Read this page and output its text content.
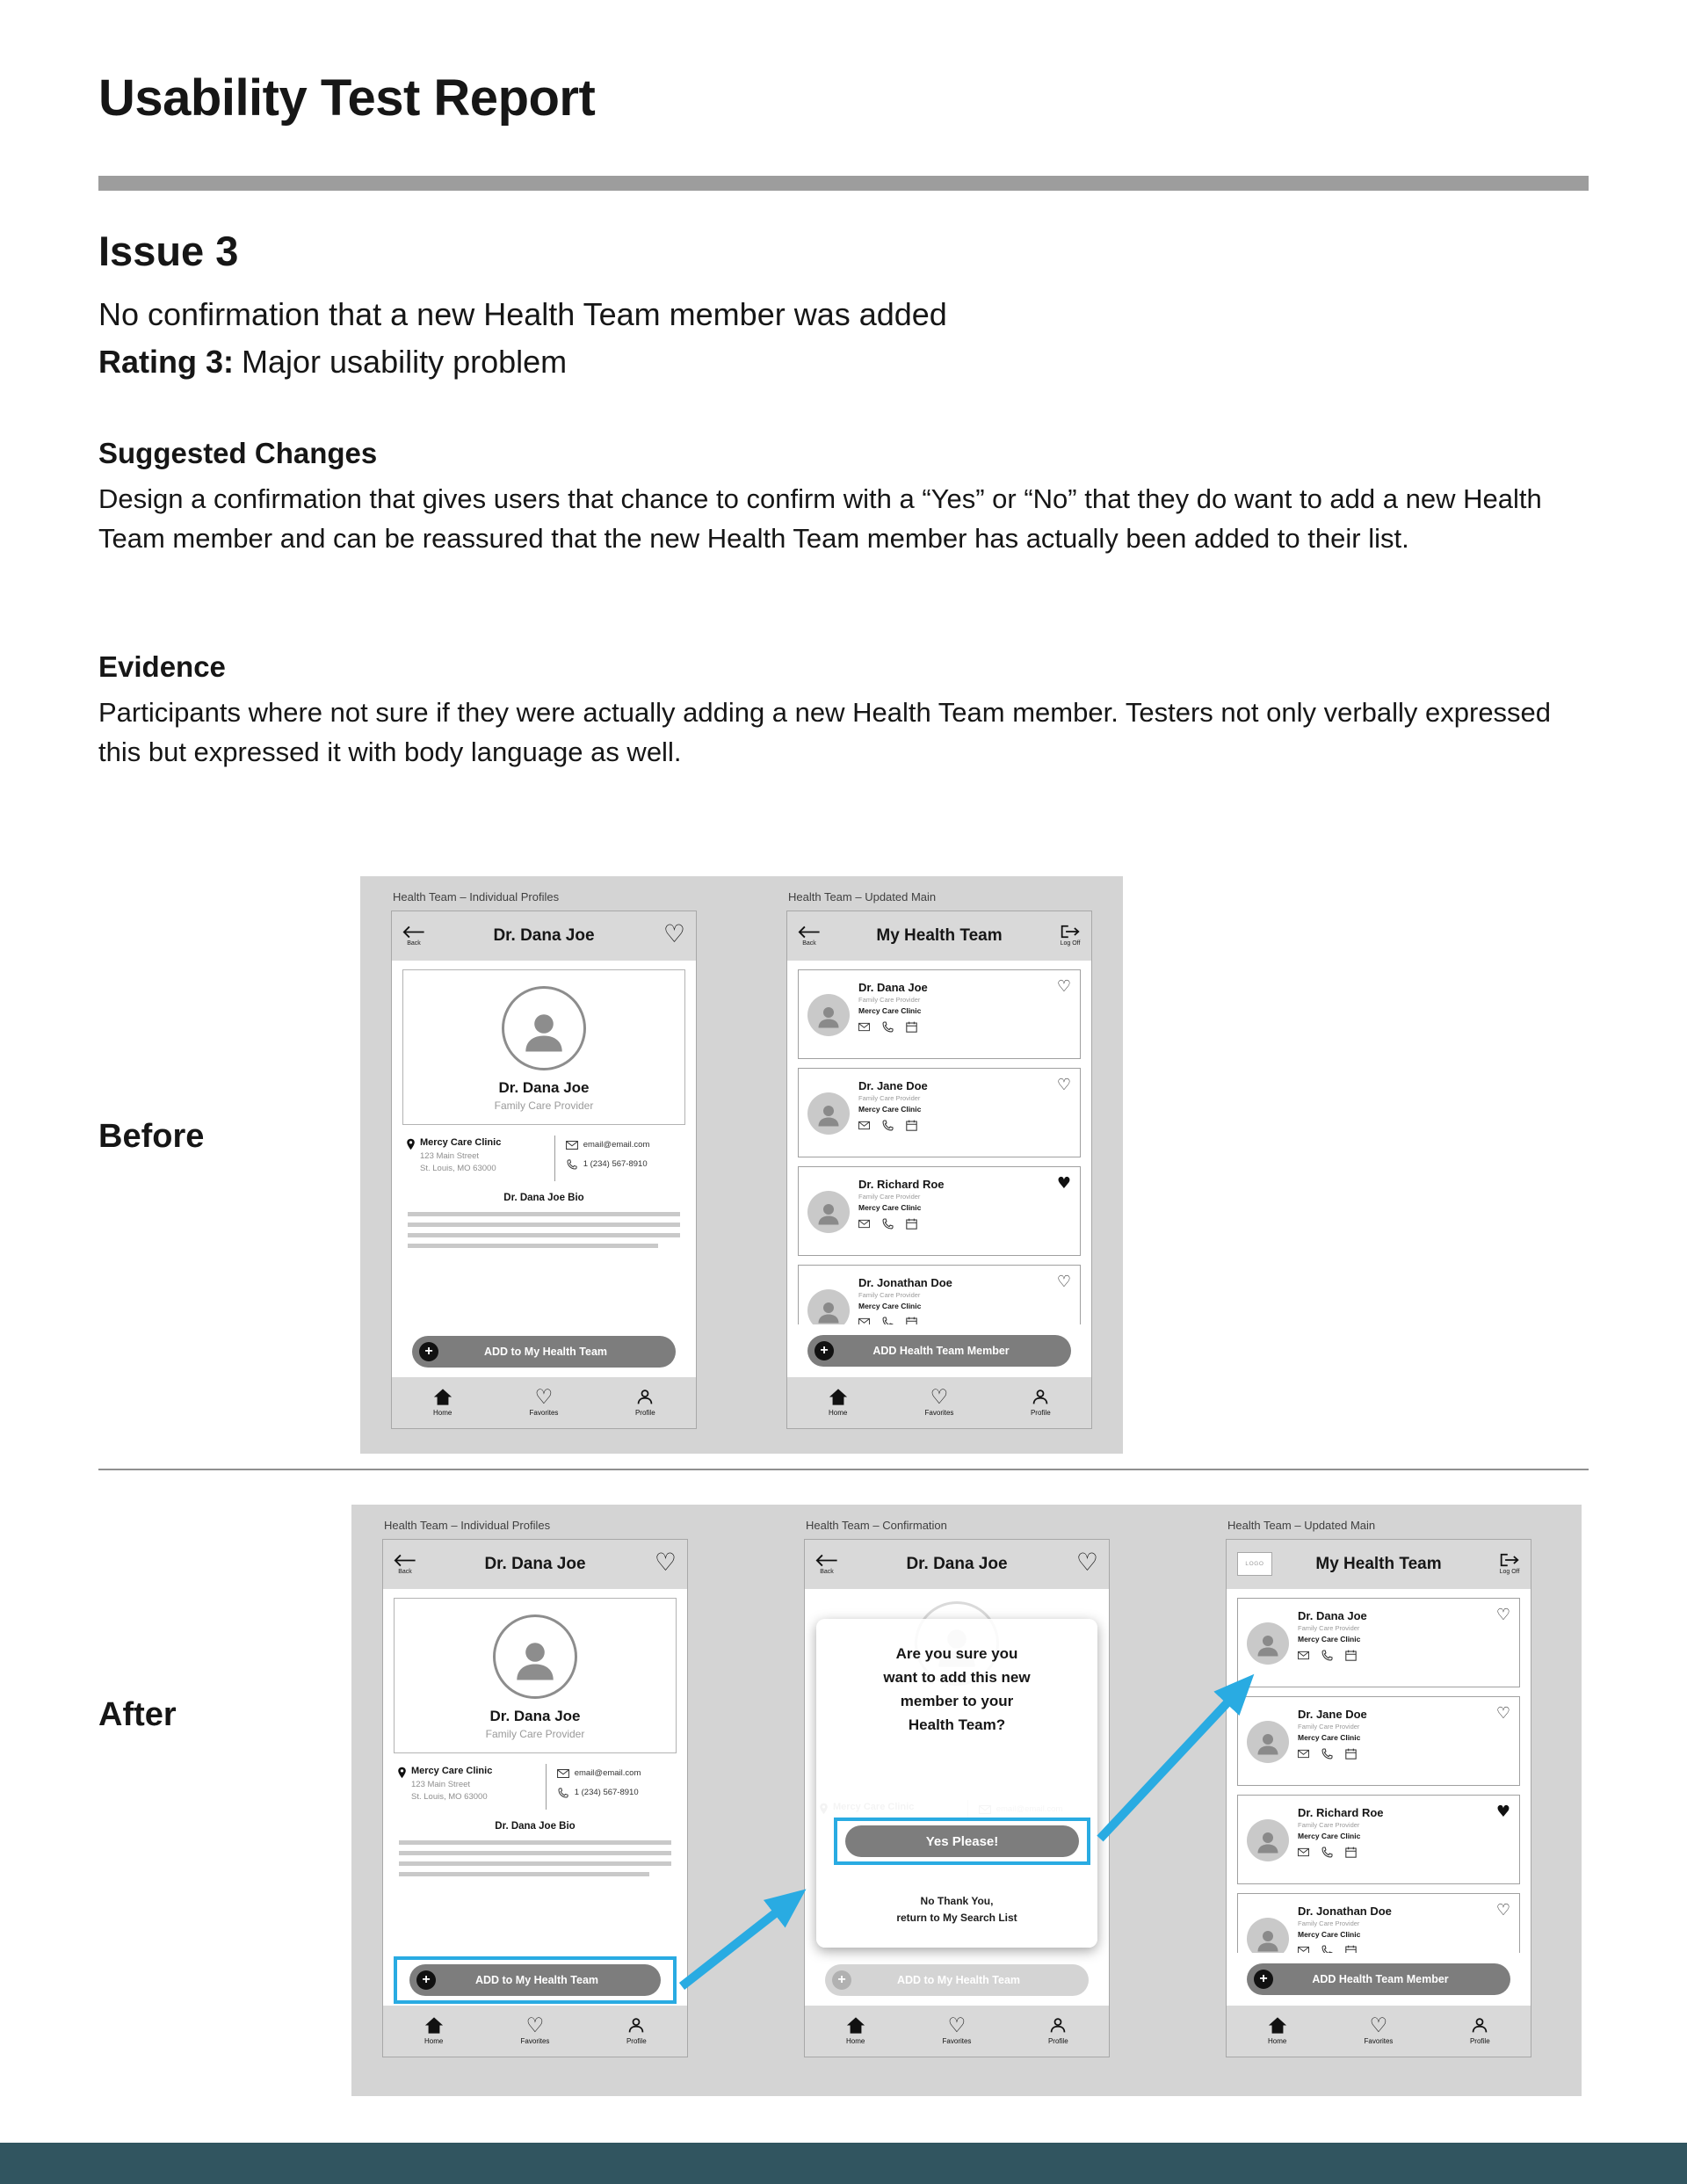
Usability Test Report
Issue 3
No confirmation that a new Health Team member was added
Rating 3: Major usability problem
Suggested Changes

Design a confirmation that gives users that chance to confirm with a “Yes” or “No” that they do want to add a new Health Team member and can be reassured that the new Health Team member has actually been added to their list.

Evidence

Participants where not sure if they were actually adding a new Health Team member. Testers not only verbally expressed this but expressed it with body language as well.

Before
After
Health Team – Individual Profiles
Back	Dr. Dana Joe	♡
Dr. Dana Joe
Family Care Provider
Mercy Care Clinic
123 Main Street
St. Louis, MO 63000
email@email.com
1 (234) 567-8910
Dr. Dana Joe Bio
+	ADD to My Health Team
Home
♡
Favorites	Profile
Health Team – Updated Main
Back	My Health Team	Log Off
Dr. Dana Joe
Family Care Provider
Mercy Care Clinic
♡
Dr. Jane Doe
Family Care Provider
Mercy Care Clinic
♡
Dr. Richard Roe
Family Care Provider
Mercy Care Clinic
♥
Dr. Jonathan Doe
Family Care Provider
Mercy Care Clinic
♡
+	ADD Health Team Member
Home
♡
Favorites	Profile
Health Team – Individual Profiles
Back	Dr. Dana Joe	♡
Dr. Dana Joe
Family Care Provider
Mercy Care Clinic
123 Main Street
St. Louis, MO 63000
email@email.com
1 (234) 567-8910
Dr. Dana Joe Bio
+	ADD to My Health Team
Home
♡
Favorites	Profile
Health Team – Confirmation
Back	Dr. Dana Joe	♡
+	ADD to My Health Team
Are you sure you want to add this new member to your Health Team?
Yes Please!
No Thank You,
return to My Search List
Home
♡
Favorites	Profile
Health Team – Updated Main
LOGO	My Health Team	Log Off
Dr. Dana Joe
Family Care Provider
Mercy Care Clinic
♡
Dr. Jane Doe
Family Care Provider
Mercy Care Clinic
♡
Dr. Richard Roe
Family Care Provider
Mercy Care Clinic
♥
Dr. Jonathan Doe
Family Care Provider
Mercy Care Clinic
♡
+	ADD Health Team Member
Home
♡
Favorites	Profile
